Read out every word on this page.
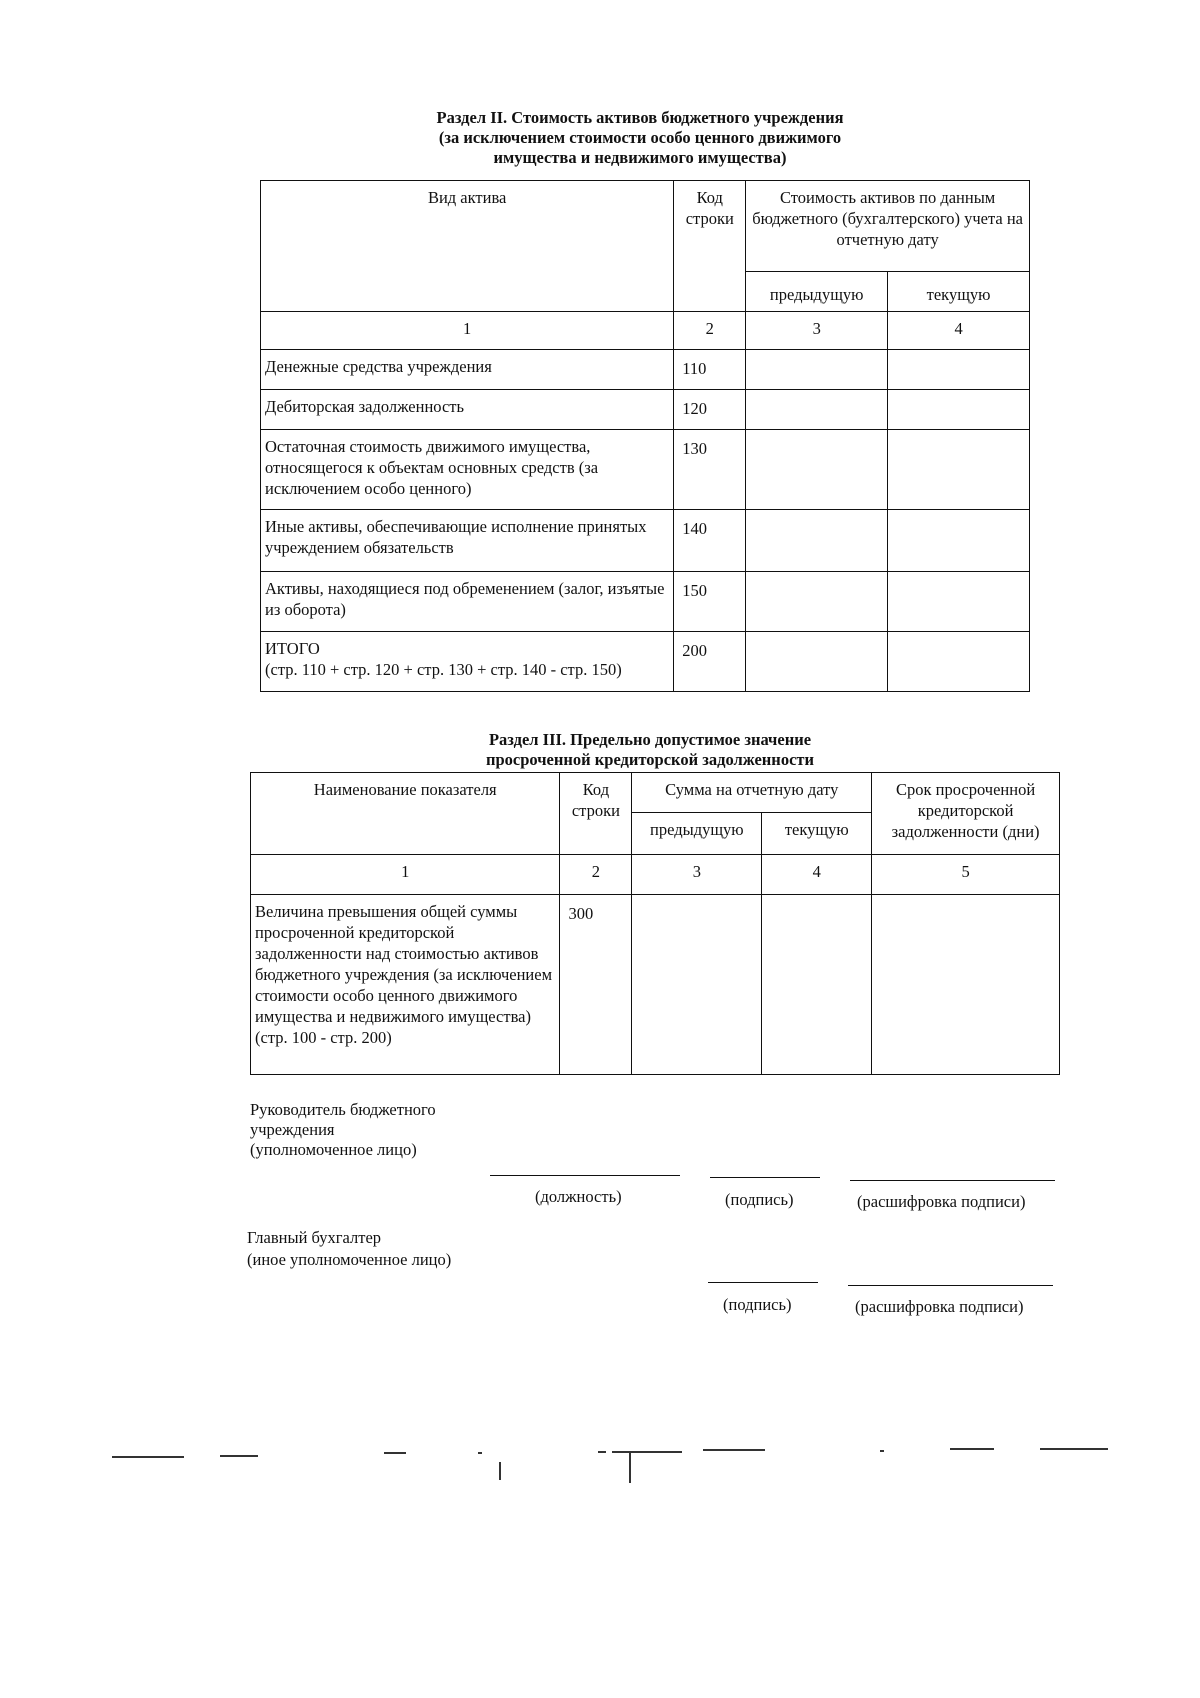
Раздел II. Стоимость активов бюджетного учреждения
(за исключением стоимости особо ценного движимого
имущества и недвижимого имущества)
Вид актива	Код строки	Стоимость активов по данным бюджетного (бухгалтерского) учета на отчетную дату	
		предыдущую	текущую
1	2	3	4
Денежные средства учреждения	110		
Дебиторская задолженность	120		
Остаточная стоимость движимого имущества, относящегося к объектам основных средств (за исключением особо ценного)	130		
Иные активы, обеспечивающие исполнение принятых учреждением обязательств	140		
Активы, находящиеся под обременением (залог, изъятые из оборота)	150		

ИТОГО
(стр. 110 + стр. 120 + стр. 130 + стр. 140 - стр. 150)	200		
Раздел III. Предельно допустимое значение
просроченной кредиторской задолженности
Наименование показателя	Код строки	Сумма на отчетную дату		Срок просроченной кредиторской задолженности (дни)
		предыдущую	текущую	
1	2	3	4	5
Величина превышения общей суммы просроченной кредиторской задолженности над стоимостью активов бюджетного учреждения (за исключением стоимости особо ценного движимого имущества и недвижимого имущества) (стр. 100 - стр. 200)	300			
Руководитель бюджетного
учреждения
(уполномоченное лицо)
(должность)	(подпись)	(расшифровка подписи)
Главный бухгалтер
(иное уполномоченное лицо)
(подпись)	(расшифровка подписи)
